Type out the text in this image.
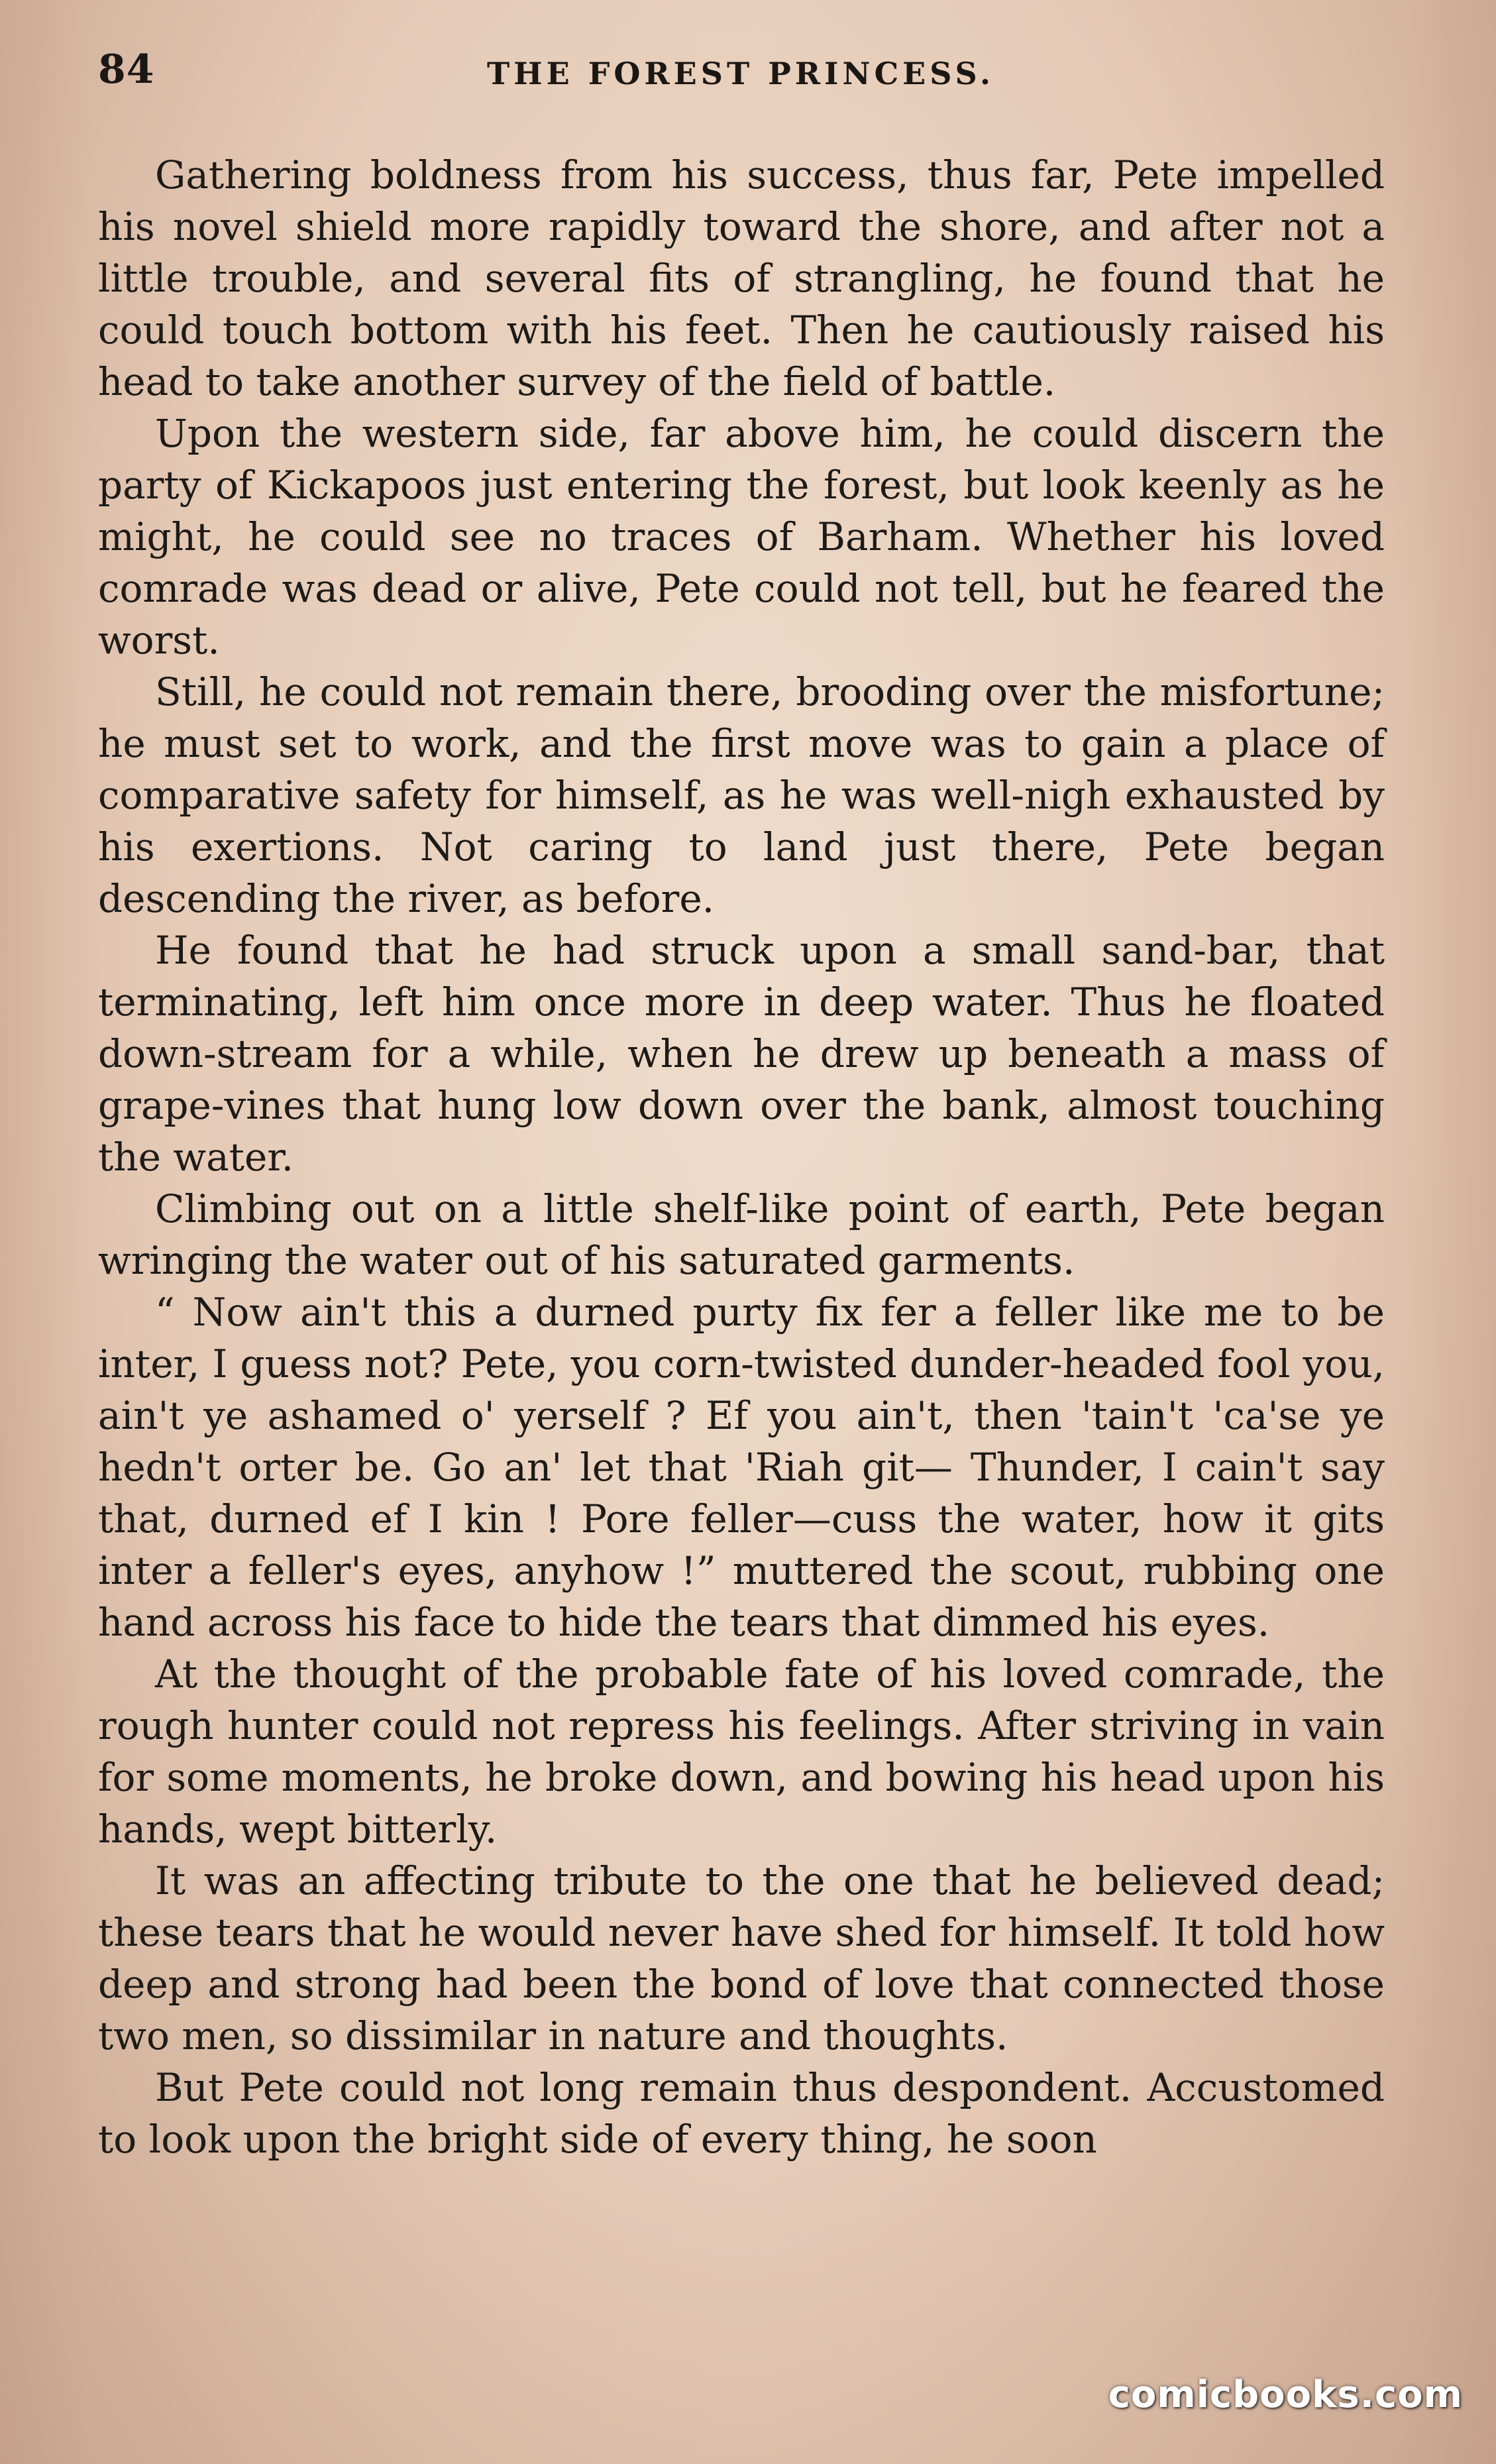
84	THE FOREST PRINCESS.

Gathering boldness from his success, thus far, Pete impelled his novel shield more rapidly toward the shore, and after not a little trouble, and several fits of strangling, he found that he could touch bottom with his feet. Then he cautiously raised his head to take another survey of the field of battle.

Upon the western side, far above him, he could discern the party of Kickapoos just entering the forest, but look keenly as he might, he could see no traces of Barham. Whether his loved comrade was dead or alive, Pete could not tell, but he feared the worst.

Still, he could not remain there, brooding over the misfortune; he must set to work, and the first move was to gain a place of comparative safety for himself, as he was well-nigh exhausted by his exertions. Not caring to land just there, Pete began descending the river, as before.

He found that he had struck upon a small sand-bar, that terminating, left him once more in deep water. Thus he floated down-stream for a while, when he drew up beneath a mass of grape-vines that hung low down over the bank, almost touching the water.

Climbing out on a little shelf-like point of earth, Pete began wringing the water out of his saturated garments.

“ Now ain't this a durned purty fix fer a feller like me to be inter, I guess not? Pete, you corn-twisted dunder-headed fool you, ain't ye ashamed o' yerself ? Ef you ain't, then 'tain't 'ca'se ye hedn't orter be. Go an' let that 'Riah git— Thunder, I cain't say that, durned ef I kin ! Pore feller—cuss the water, how it gits inter a feller's eyes, anyhow !” muttered the scout, rubbing one hand across his face to hide the tears that dimmed his eyes.

At the thought of the probable fate of his loved comrade, the rough hunter could not repress his feelings. After striving in vain for some moments, he broke down, and bowing his head upon his hands, wept bitterly.

It was an affecting tribute to the one that he believed dead; these tears that he would never have shed for himself. It told how deep and strong had been the bond of love that connected those two men, so dissimilar in nature and thoughts.

But Pete could not long remain thus despondent. Accustomed to look upon the bright side of every thing, he soon

comicbooks.com
